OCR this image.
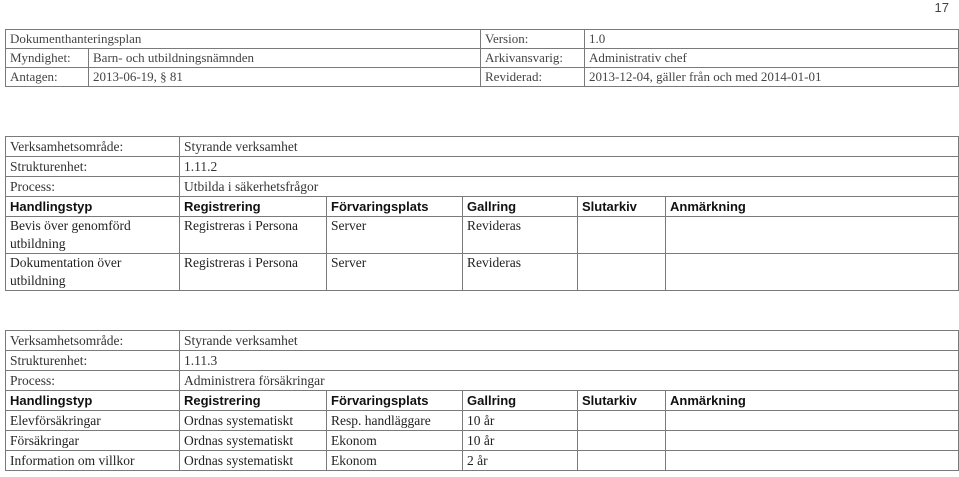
17
Dokumenthanteringsplan		Version:	1.0
Myndighet:	Barn- och utbildningsnämnden	Arkivansvarig:	Administrativ chef
Antagen:	2013-06-19, § 81	Reviderad:	2013-12-04, gäller från och med 2014-01-01
Verksamhetsområde:	Styrande verksamhet				
Strukturenhet:	1.11.2				
Process:	Utbilda i säkerhetsfrågor				
Handlingstyp	Registrering	Förvaringsplats	Gallring	Slutarkiv	Anmärkning
Bevis över genomförd utbildning	Registreras i Persona	Server	Revideras		
Dokumentation över utbildning	Registreras i Persona	Server	Revideras		
Verksamhetsområde:	Styrande verksamhet				
Strukturenhet:	1.11.3				
Process:	Administrera försäkringar				
Handlingstyp	Registrering	Förvaringsplats	Gallring	Slutarkiv	Anmärkning
Elevförsäkringar	Ordnas systematiskt	Resp. handläggare	10 år		
Försäkringar	Ordnas systematiskt	Ekonom	10 år		
Information om villkor	Ordnas systematiskt	Ekonom	2 år		
